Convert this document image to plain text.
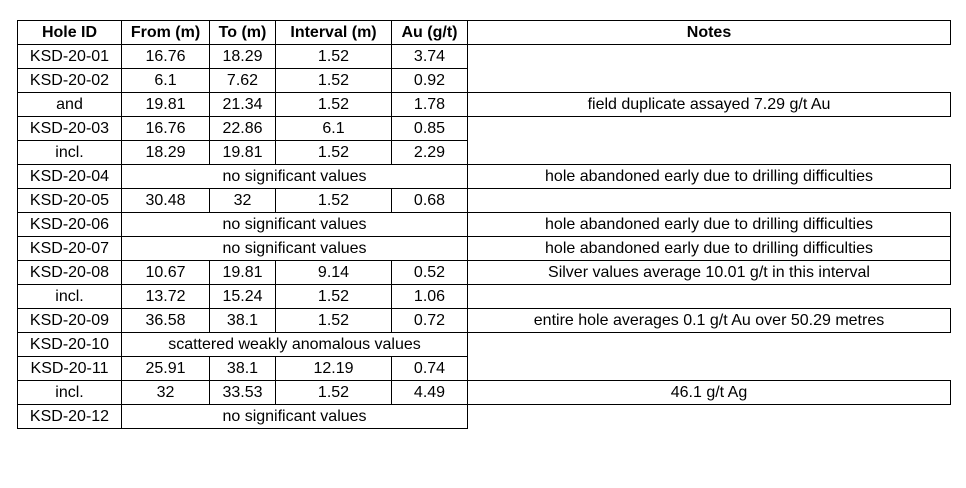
Hole ID	From (m)	To (m)	Interval (m)	Au (g/t)	Notes
KSD-20-01	16.76	18.29	1.52	3.74	
KSD-20-02	6.1	7.62	1.52	0.92	
and	19.81	21.34	1.52	1.78	field duplicate assayed 7.29 g/t Au
KSD-20-03	16.76	22.86	6.1	0.85	
incl.	18.29	19.81	1.52	2.29	
KSD-20-04	no significant values				hole abandoned early due to drilling difficulties
KSD-20-05	30.48	32	1.52	0.68	
KSD-20-06	no significant values				hole abandoned early due to drilling difficulties
KSD-20-07	no significant values				hole abandoned early due to drilling difficulties
KSD-20-08	10.67	19.81	9.14	0.52	Silver values average 10.01 g/t in this interval
incl.	13.72	15.24	1.52	1.06	
KSD-20-09	36.58	38.1	1.52	0.72	entire hole averages 0.1 g/t Au over 50.29 metres
KSD-20-10	scattered weakly anomalous values				
KSD-20-11	25.91	38.1	12.19	0.74	
incl.	32	33.53	1.52	4.49	46.1 g/t Ag
KSD-20-12	no significant values				
